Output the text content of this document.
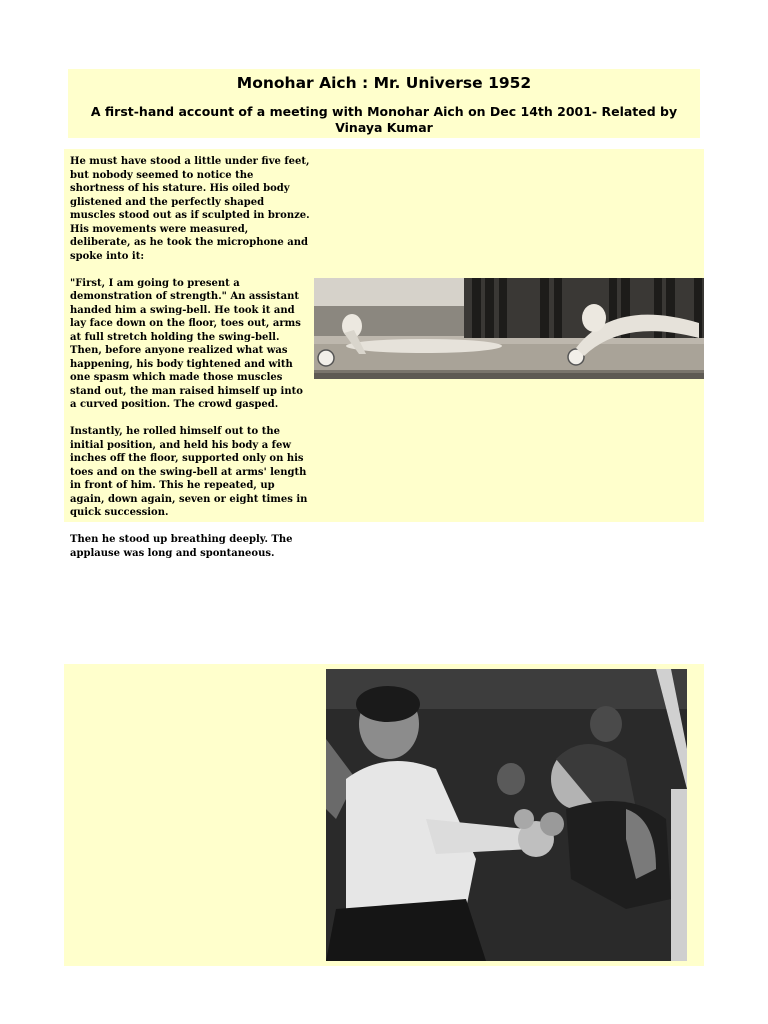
Monohar Aich : Mr. Universe 1952
A first-hand account of a meeting with Monohar Aich on Dec 14th 2001- Related by Vinaya Kumar

He must have stood a little under five feet, but nobody seemed to notice the shortness of his stature. His oiled body glistened and the perfectly shaped muscles stood out as if sculpted in bronze. His movements were measured, deliberate, as he took the microphone and spoke into it:

"First, I am going to present a demonstration of strength." An assistant handed him a swing-bell. He took it and lay face down on the floor, toes out, arms at full stretch holding the swing-bell. Then, before anyone realized what was happening, his body tightened and with one spasm which made those muscles stand out, the man raised himself up into a curved position. The crowd gasped.

Instantly, he rolled himself out to the initial position, and held his body a few inches off the floor, supported only on his toes and on the swing-bell at arms' length in front of him. This he repeated, up again, down again, seven or eight times in quick succession.

Then he stood up breathing deeply. The applause was long and spontaneous.
